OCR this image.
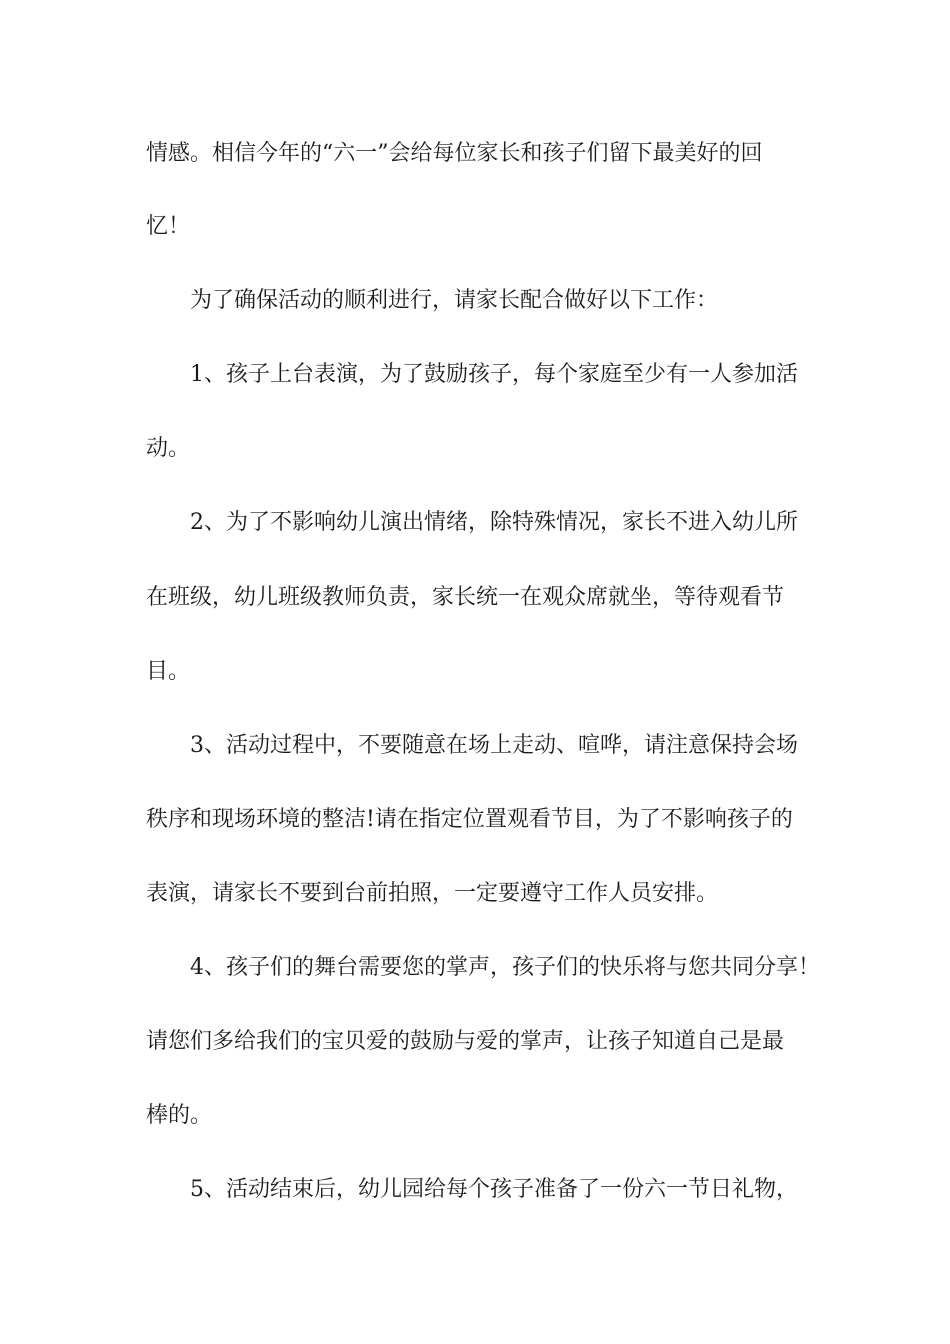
情感。相信今年的“六一”会给每位家长和孩子们留下最美好的回
忆！
为了确保活动的顺利进行，请家长配合做好以下工作：
1、孩子上台表演，为了鼓励孩子，每个家庭至少有一人参加活
动。
2、为了不影响幼儿演出情绪，除特殊情况，家长不进入幼儿所
在班级，幼儿班级教师负责，家长统一在观众席就坐，等待观看节
目。
3、活动过程中，不要随意在场上走动、喧哗，请注意保持会场
秩序和现场环境的整洁!请在指定位置观看节目，为了不影响孩子的
表演，请家长不要到台前拍照，一定要遵守工作人员安排。
4、孩子们的舞台需要您的掌声，孩子们的快乐将与您共同分享！
请您们多给我们的宝贝爱的鼓励与爱的掌声，让孩子知道自己是最
棒的。
5、活动结束后，幼儿园给每个孩子准备了一份六一节日礼物，
